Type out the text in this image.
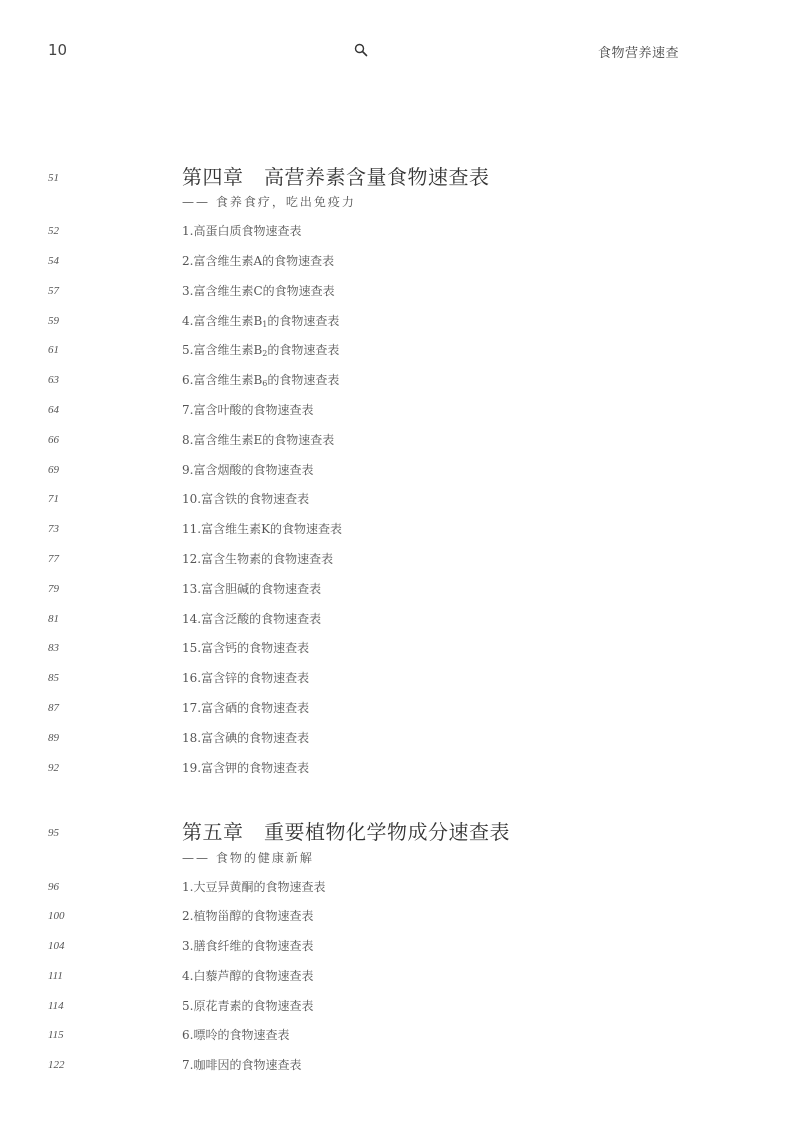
10	食物营养速查
51	第四章　高营养素含量食物速查表
—— 食养食疗，吃出免疫力
52	1.高蛋白质食物速查表
54	2.富含维生素A的食物速查表
57	3.富含维生素C的食物速查表
59	4.富含维生素$B_1$的食物速查表
61	5.富含维生素$B_2$的食物速查表
63	6.富含维生素$B_6$的食物速查表
64	7.富含叶酸的食物速查表
66	8.富含维生素E的食物速查表
69	9.富含烟酸的食物速查表
71	10.富含铁的食物速查表
73	11.富含维生素K的食物速查表
77	12.富含生物素的食物速查表
79	13.富含胆碱的食物速查表
81	14.富含泛酸的食物速查表
83	15.富含钙的食物速查表
85	16.富含锌的食物速查表
87	17.富含硒的食物速查表
89	18.富含碘的食物速查表
92	19.富含钾的食物速查表
95	第五章　重要植物化学物成分速查表
—— 食物的健康新解
96	1.大豆异黄酮的食物速查表
100	2.植物甾醇的食物速查表
104	3.膳食纤维的食物速查表
111	4.白藜芦醇的食物速查表
114	5.原花青素的食物速查表
115	6.嘌呤的食物速查表
122	7.咖啡因的食物速查表
